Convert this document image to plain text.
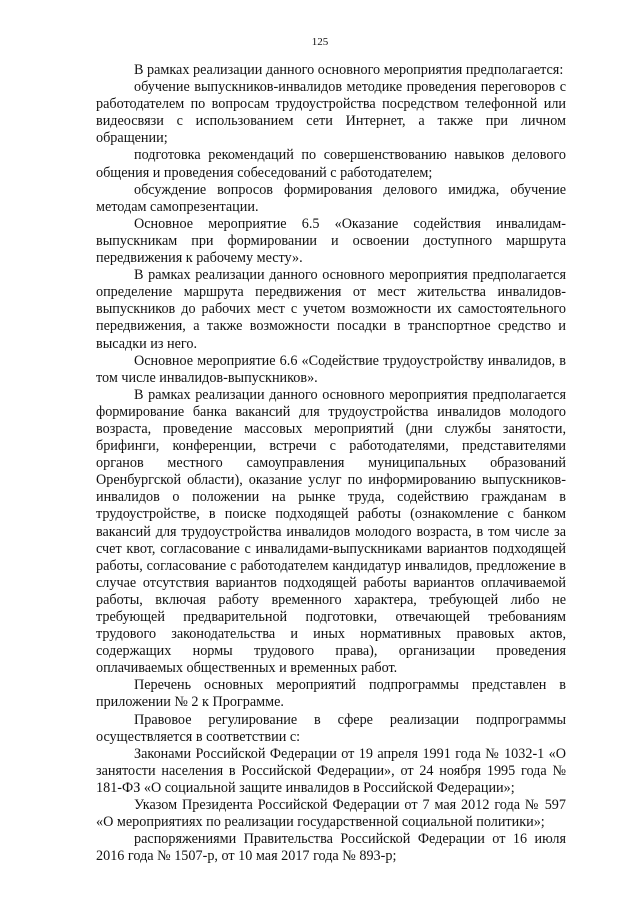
125

В рамках реализации данного основного мероприятия предполагается:

обучение выпускников-инвалидов методике проведения переговоров с работодателем по вопросам трудоустройства посредством телефонной или видеосвязи с использованием сети Интернет, а также при личном обращении;

подготовка рекомендаций по совершенствованию навыков делового общения и проведения собеседований с работодателем;

обсуждение вопросов формирования делового имиджа, обучение методам самопрезентации.

Основное мероприятие 6.5 «Оказание содействия инвалидам-выпускникам при формировании и освоении доступного маршрута передвижения к рабочему месту».

В рамках реализации данного основного мероприятия предполагается определение маршрута передвижения от мест жительства инвалидов-выпускников до рабочих мест с учетом возможности их самостоятельного передвижения, а также возможности посадки в транспортное средство и высадки из него.

Основное мероприятие 6.6 «Содействие трудоустройству инвалидов, в том числе инвалидов-выпускников».

В рамках реализации данного основного мероприятия предполагается формирование банка вакансий для трудоустройства инвалидов молодого возраста, проведение массовых мероприятий (дни службы занятости, брифинги, конференции, встречи с работодателями, представителями органов местного самоуправления муниципальных образований Оренбургской области), оказание услуг по информированию выпускников-инвалидов о положении на рынке труда, содействию гражданам в трудоустройстве, в поиске подходящей работы (ознакомление с банком вакансий для трудоустройства инвалидов молодого возраста, в том числе за счет квот, согласование с инвалидами-выпускниками вариантов подходящей работы, согласование с работодателем кандидатур инвалидов, предложение в случае отсутствия вариантов подходящей работы вариантов оплачиваемой работы, включая работу временного характера, требующей либо не требующей предварительной подготовки, отвечающей требованиям трудового законодательства и иных нормативных правовых актов, содержащих нормы трудового права), организации проведения оплачиваемых общественных и временных работ.

Перечень основных мероприятий подпрограммы представлен в приложении № 2 к Программе.

Правовое регулирование в сфере реализации подпрограммы осуществляется в соответствии с:

Законами Российской Федерации от 19 апреля 1991 года № 1032-1 «О занятости населения в Российской Федерации», от 24 ноября 1995 года № 181-ФЗ «О социальной защите инвалидов в Российской Федерации»;

Указом Президента Российской Федерации от 7 мая 2012 года № 597 «О мероприятиях по реализации государственной социальной политики»;

распоряжениями Правительства Российской Федерации от 16 июля 2016 года № 1507-р, от 10 мая 2017 года № 893-р;
